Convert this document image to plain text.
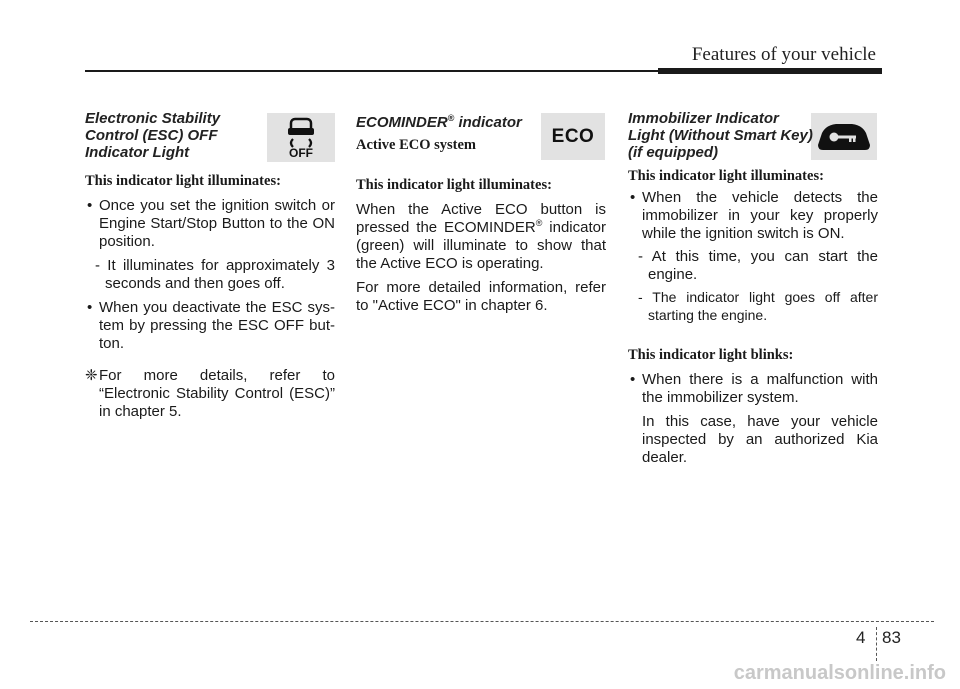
Features of your vehicle
OFF
Electronic Stability
Control (ESC) OFF
Indicator Light

This indicator light illuminates:

• Once you set the ignition switch or Engine Start/Stop Button to the ON position.

- It illuminates for approximately 3 seconds and then goes off.

• When you deactivate the ESC sys-tem by pressing the ESC OFF but-ton.

❈ For more details, refer to “Electronic Stability Control (ESC)” in chapter 5.

ECO
ECOMINDER® indicator

Active ECO system

This indicator light illuminates:

When the Active ECO button is pressed the ECOMINDER® indicator (green) will illuminate to show that the Active ECO is operating.

For more detailed information, refer to "Active ECO" in chapter 6.

Immobilizer Indicator
Light (Without Smart Key)
(if equipped)

This indicator light illuminates:

• When the vehicle detects the immobilizer in your key properly while the ignition switch is ON.

- At this time, you can start the engine.

- The indicator light goes off after starting the engine.

This indicator light blinks:

• When there is a malfunction with the immobilizer system.

In this case, have your vehicle inspected by an authorized Kia dealer.

4 83
carmanualsonline.info
